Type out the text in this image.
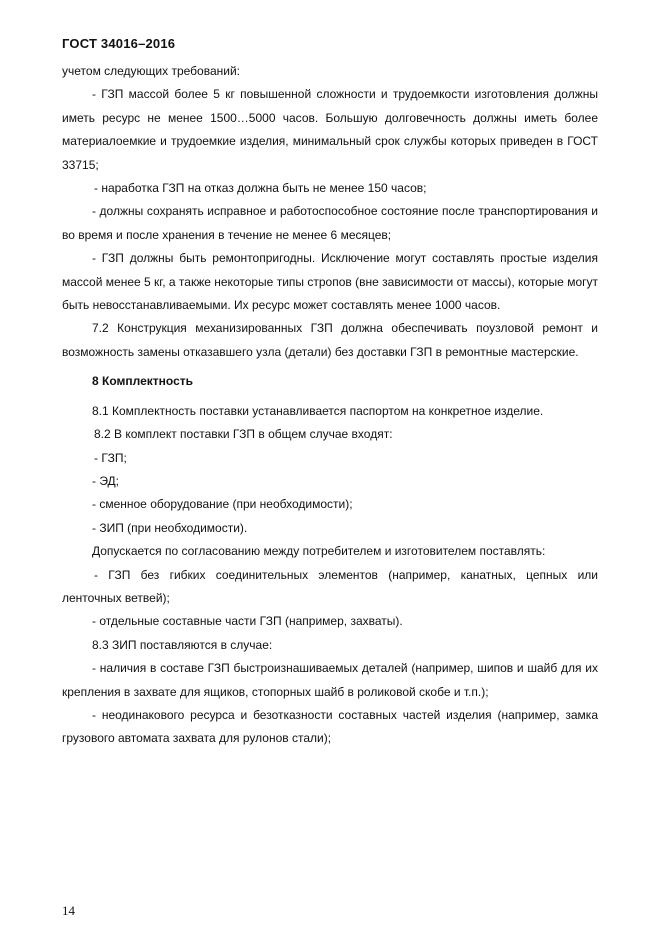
ГОСТ 34016–2016

учетом следующих требований:

- ГЗП массой более 5 кг повышенной сложности и трудоемкости изготовления должны иметь ресурс не менее 1500…5000 часов. Большую долговечность должны иметь более материалоемкие и трудоемкие изделия, минимальный срок службы которых приведен в ГОСТ 33715;

- наработка ГЗП на отказ должна быть не менее 150 часов;

- должны сохранять исправное и работоспособное состояние после транспортирования и во время и после хранения в течение не менее 6 месяцев;

- ГЗП должны быть ремонтопригодны. Исключение могут составлять простые изделия массой менее 5 кг, а также некоторые типы стропов (вне зависимости от массы), которые могут быть невосстанавливаемыми. Их ресурс может составлять менее 1000 часов.

7.2 Конструкция механизированных ГЗП должна обеспечивать поузловой ремонт и возможность замены отказавшего узла (детали) без доставки ГЗП в ремонтные мастерские.

8 Комплектность

8.1 Комплектность поставки устанавливается паспортом на конкретное изделие.

8.2 В комплект поставки ГЗП в общем случае входят:

- ГЗП;

- ЭД;

- сменное оборудование (при необходимости);

- ЗИП (при необходимости).

Допускается по согласованию между потребителем и изготовителем поставлять:

- ГЗП без гибких соединительных элементов (например, канатных, цепных или ленточных ветвей);

- отдельные составные части ГЗП (например, захваты).

8.3 ЗИП поставляются в случае:

- наличия в составе ГЗП быстроизнашиваемых деталей (например, шипов и шайб для их крепления в захвате для ящиков, стопорных шайб в роликовой скобе и т.п.);

- неодинакового ресурса и безотказности составных частей изделия (например, замка грузового автомата захвата для рулонов стали);

14
